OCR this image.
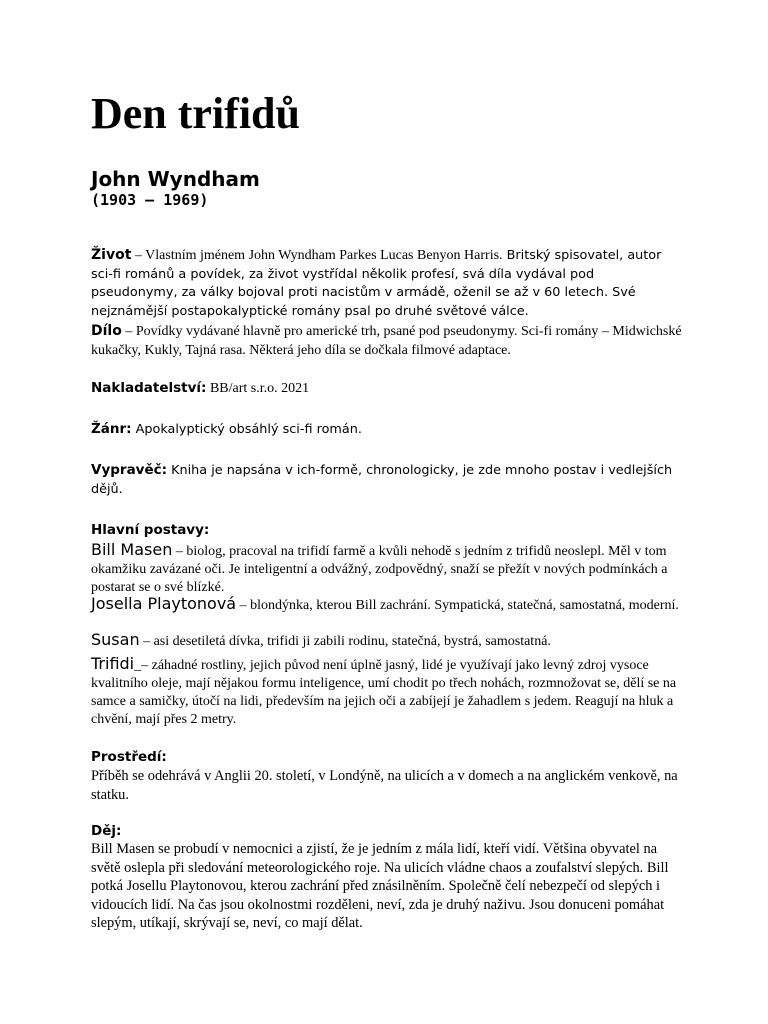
Den trifidů
John Wyndham
(1903 – 1969)

Život – Vlastním jménem John Wyndham Parkes Lucas Benyon Harris. Britský spisovatel, autor sci-fi románů a povídek, za život vystřídal několik profesí, svá díla vydával pod pseudonymy, za války bojoval proti nacistům v armádě, oženil se až v 60 letech. Své nejznámější postapokalyptické romány psal po druhé světové válce.

Dílo – Povídky vydávané hlavně pro americké trh, psané pod pseudonymy. Sci-fi romány – Midwichské kukačky, Kukly, Tajná rasa. Některá jeho díla se dočkala filmové adaptace.

Nakladatelství: BB/art s.r.o. 2021

Žánr: Apokalyptický obsáhlý sci-fi román.

Vypravěč: Kniha je napsána v ich-formě, chronologicky, je zde mnoho postav i vedlejších dějů.

Hlavní postavy:

Bill Masen – biolog, pracoval na trifidí farmě a kvůli nehodě s jedním z trifidů neoslepl. Měl v tom okamžiku zavázané oči. Je inteligentní a odvážný, zodpovědný, snaží se přežít v nových podmínkách a postarat se o své blízké.

Josella Playtonová – blondýnka, kterou Bill zachrání. Sympatická, statečná, samostatná, moderní.

Susan – asi desetiletá dívka, trifidi ji zabili rodinu, statečná, bystrá, samostatná.

Trifidi_– záhadné rostliny, jejich původ není úplně jasný, lidé je využívají jako levný zdroj vysoce kvalitního oleje, mají nějakou formu inteligence, umí chodit po třech nohách, rozmnožovat se, dělí se na samce a samičky, útočí na lidi, především na jejich oči a zabíjejí je žahadlem s jedem. Reagují na hluk a chvění, mají přes 2 metry.

Prostředí:

Příběh se odehrává v Anglii 20. století, v Londýně, na ulicích a v domech a na anglickém venkově, na statku.

Děj:

Bill Masen se probudí v nemocnici a zjistí, že je jedním z mála lidí, kteří vidí. Většina obyvatel na světě oslepla při sledování meteorologického roje. Na ulicích vládne chaos a zoufalství slepých. Bill potká Josellu Playtonovou, kterou zachrání před znásilněním. Společně čelí nebezpečí od slepých i vidoucích lidí. Na čas jsou okolnostmi rozděleni, neví, zda je druhý naživu. Jsou donuceni pomáhat slepým, utíkají, skrývají se, neví, co mají dělat.
